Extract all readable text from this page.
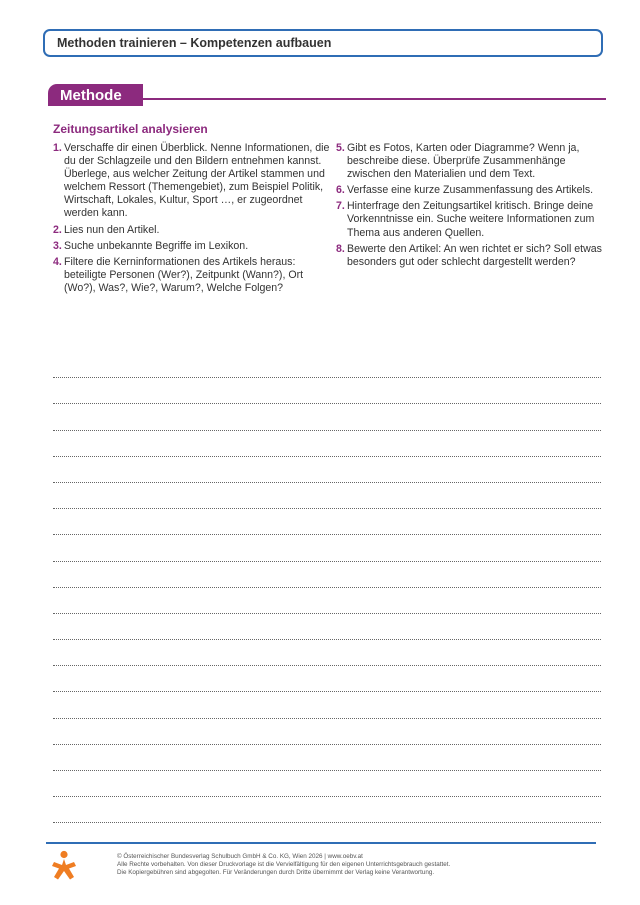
Methoden trainieren – Kompetenzen aufbauen
Methode
Zeitungsartikel analysieren
1. Verschaffe dir einen Überblick. Nenne Informationen, die du der Schlagzeile und den Bildern entnehmen kannst. Überlege, aus welcher Zeitung der Artikel stammen und welchem Ressort (Themengebiet), zum Beispiel Politik, Wirtschaft, Lokales, Kultur, Sport …, er zugeordnet werden kann.
2. Lies nun den Artikel.
3. Suche unbekannte Begriffe im Lexikon.
4. Filtere die Kerninformationen des Artikels heraus: beteiligte Personen (Wer?), Zeitpunkt (Wann?), Ort (Wo?), Was?, Wie?, Warum?, Welche Folgen?
5. Gibt es Fotos, Karten oder Diagramme? Wenn ja, beschreibe diese. Überprüfe Zusammenhänge zwischen den Materialien und dem Text.
6. Verfasse eine kurze Zusammenfassung des Artikels.
7. Hinterfrage den Zeitungsartikel kritisch. Bringe deine Vorkenntnisse ein. Suche weitere Informationen zum Thema aus anderen Quellen.
8. Bewerte den Artikel: An wen richtet er sich? Soll etwas besonders gut oder schlecht dargestellt werden?
© Österreichischer Bundesverlag Schulbuch GmbH & Co. KG, Wien 2026 | www.oebv.at
Alle Rechte vorbehalten. Von dieser Druckvorlage ist die Vervielfältigung für den eigenen Unterrichtsgebrauch gestattet.
Die Kopiergebühren sind abgegolten. Für Veränderungen durch Dritte übernimmt der Verlag keine Verantwortung.
